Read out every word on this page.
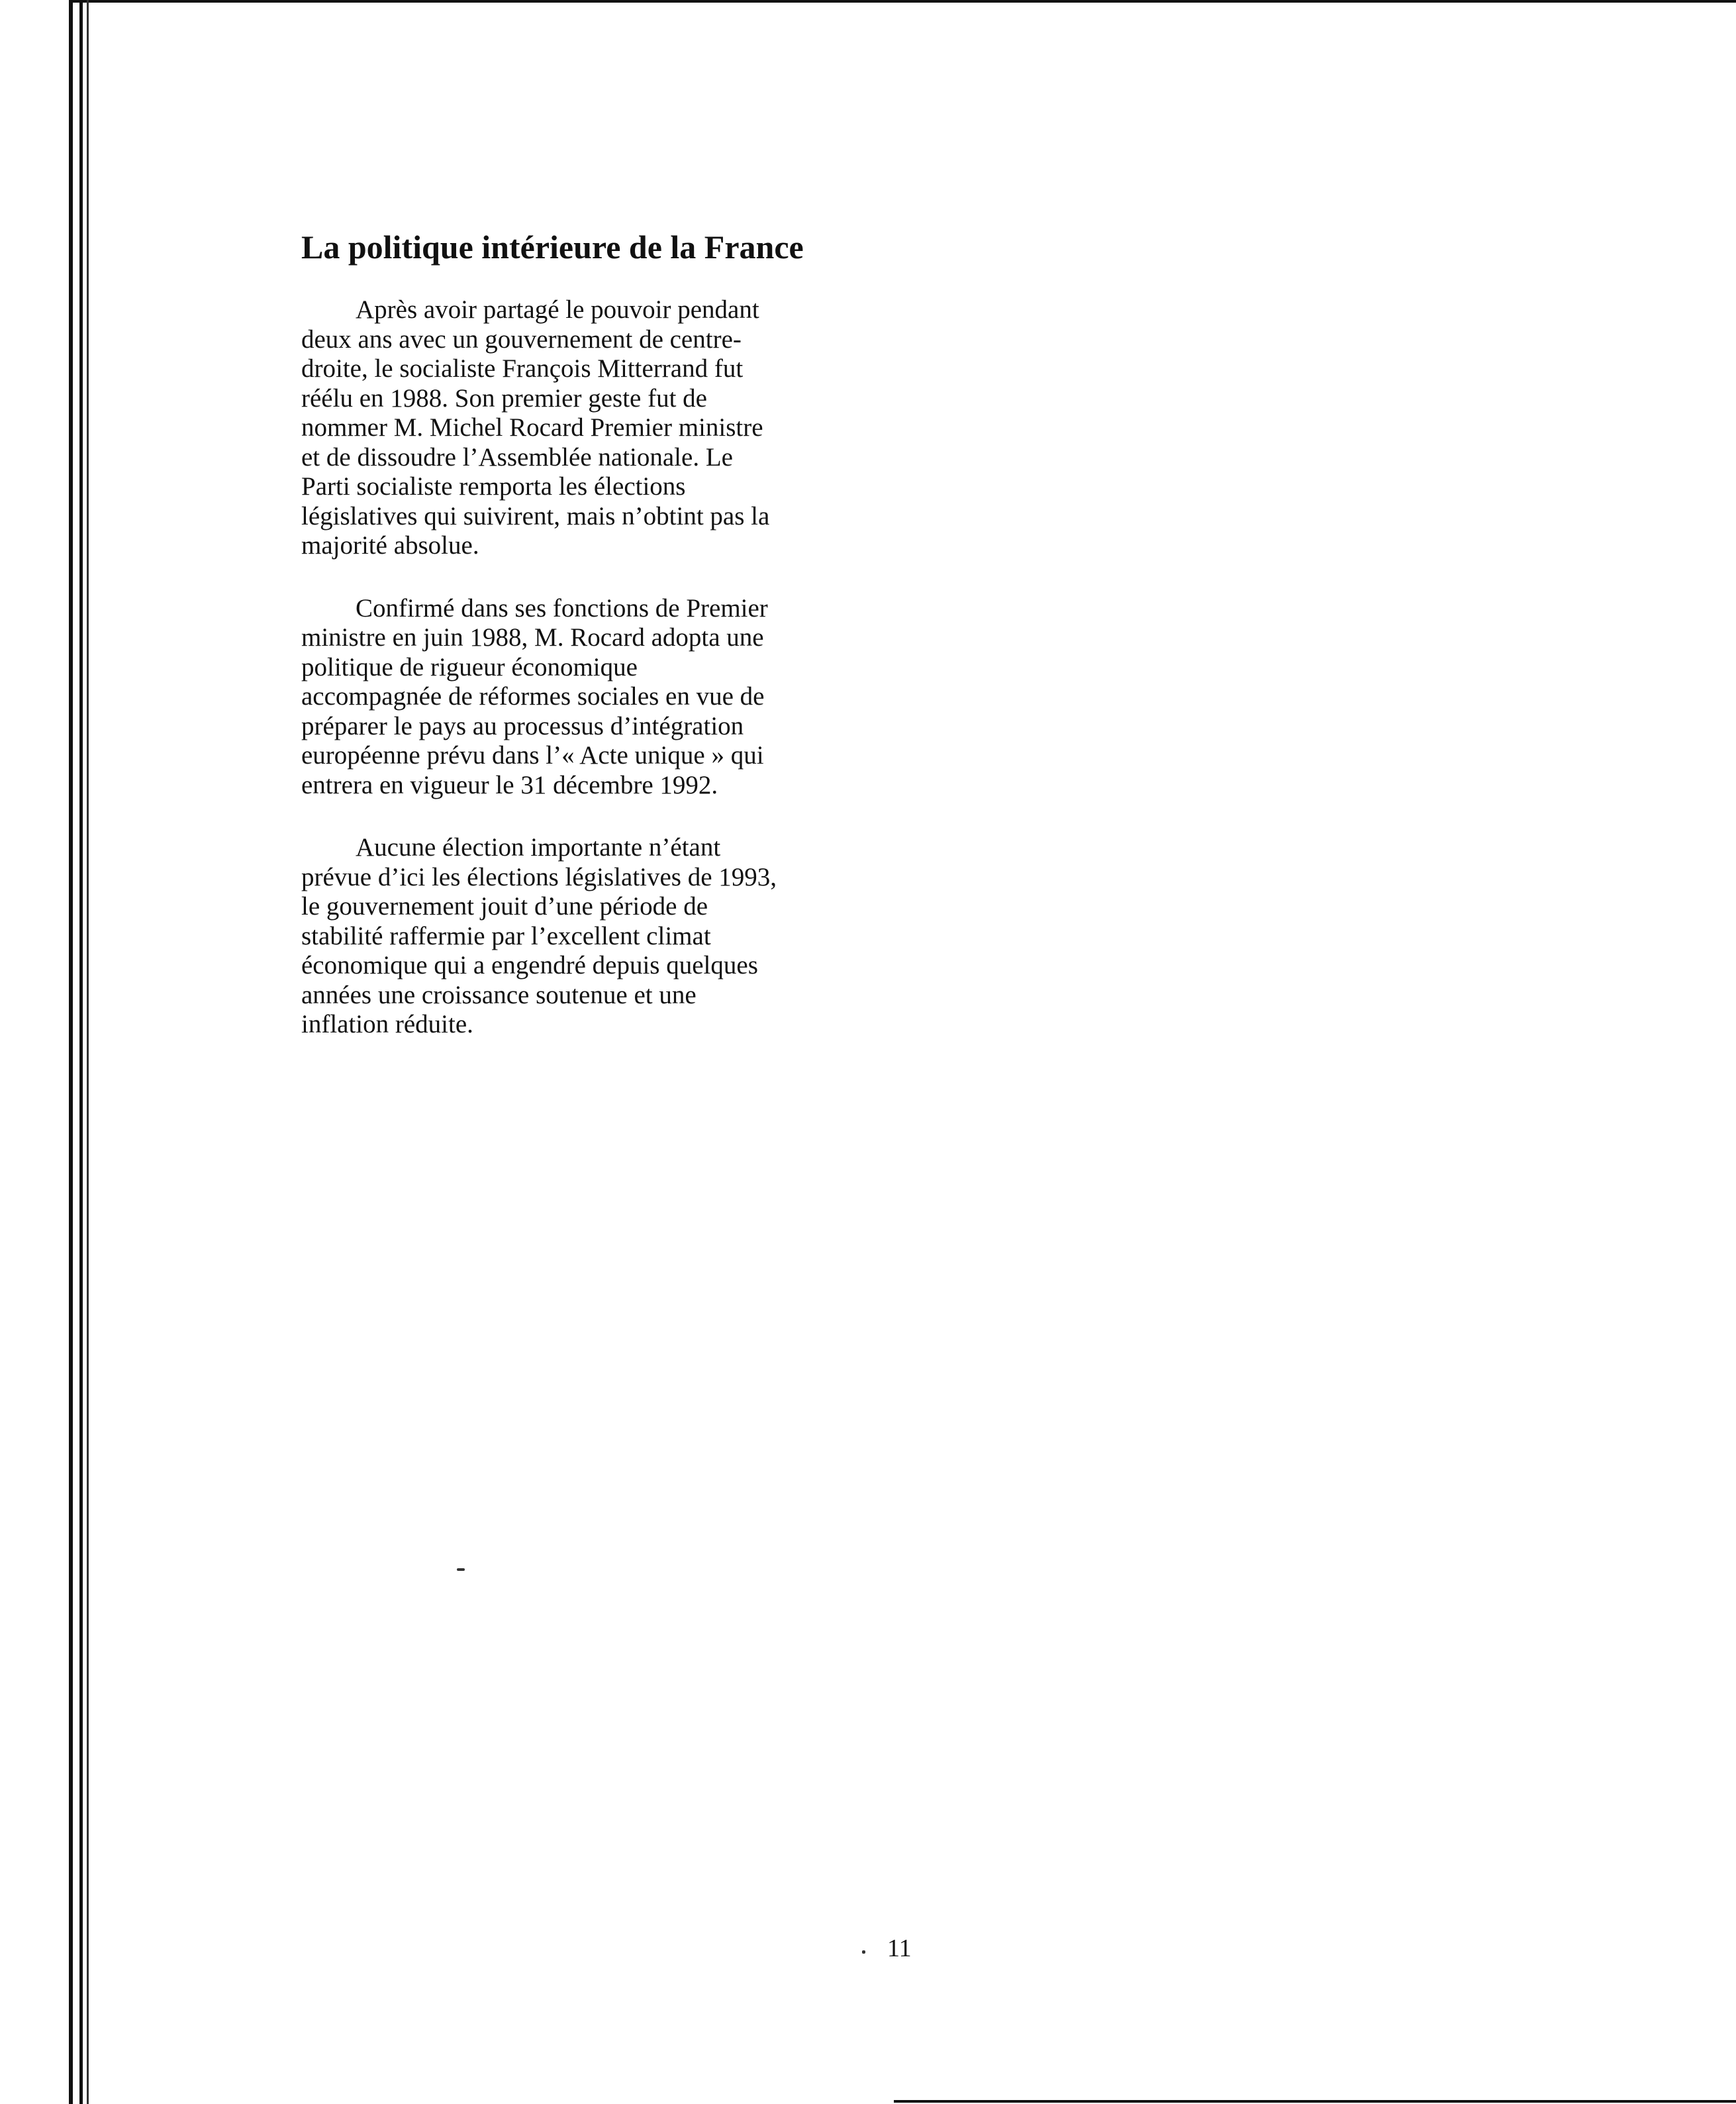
La politique intérieure de la France
Après avoir partagé le pouvoir pendant
deux ans avec un gouvernement de centre-
droite, le socialiste François Mitterrand fut
réélu en 1988. Son premier geste fut de
nommer M. Michel Rocard Premier ministre
et de dissoudre l’Assemblée nationale. Le
Parti socialiste remporta les élections
législatives qui suivirent, mais n’obtint pas la
majorité absolue.
Confirmé dans ses fonctions de Premier
ministre en juin 1988, M. Rocard adopta une
politique de rigueur économique
accompagnée de réformes sociales en vue de
préparer le pays au processus d’intégration
européenne prévu dans l’« Acte unique » qui
entrera en vigueur le 31 décembre 1992.
Aucune élection importante n’étant
prévue d’ici les élections législatives de 1993,
le gouvernement jouit d’une période de
stabilité raffermie par l’excellent climat
économique qui a engendré depuis quelques
années une croissance soutenue et une
inflation réduite.
11
